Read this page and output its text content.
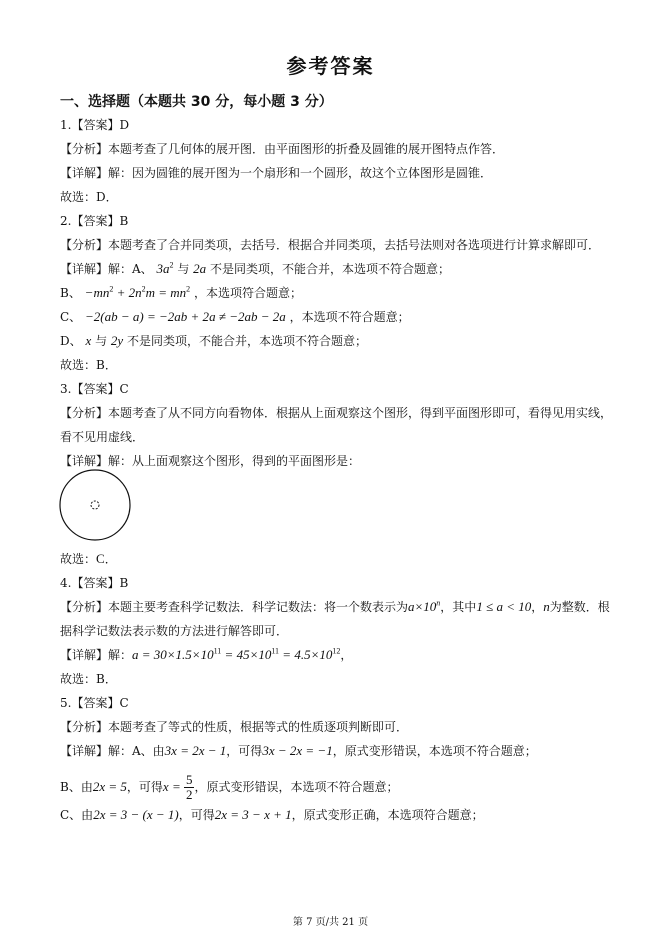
参考答案
一、选择题（本题共 30 分，每小题 3 分）
1.【答案】D
【分析】本题考查了几何体的展开图．由平面图形的折叠及圆锥的展开图特点作答．
【详解】解：因为圆锥的展开图为一个扇形和一个圆形，故这个立体图形是圆锥．
故选：D．
2.【答案】B
【分析】本题考查了合并同类项，去括号．根据合并同类项，去括号法则对各选项进行计算求解即可．
【详解】解：A、 $3a^2$ 与 2a 不是同类项，不能合并，本选项不符合题意；
B、 $-mn^2 + 2n^2m = mn^2$ ，本选项符合题意；
C、 −2(ab − a) = −2ab + 2a ≠ −2ab − 2a ，本选项不符合题意；
D、 x 与 2y 不是同类项，不能合并，本选项不符合题意；
故选：B．
3.【答案】C
【分析】本题考查了从不同方向看物体．根据从上面观察这个图形，得到平面图形即可，看得见用实线，
看不见用虚线．
【详解】解：从上面观察这个图形，得到的平面图形是：
故选：C．
4.【答案】B
【分析】本题主要考查科学记数法．科学记数法：将一个数表示为$a\times 10^n$，其中1 ≤ a < 10，n为整数．根
据科学记数法表示数的方法进行解答即可．
【详解】解：$a = 30\times 1.5\times 10^{11} = 45\times 10^{11} = 4.5\times 10^{12}$，
故选：B．
5.【答案】C
【分析】本题考查了等式的性质，根据等式的性质逐项判断即可．
【详解】解：A、由3x = 2x − 1，可得3x − 2x = −1，原式变形错误，本选项不符合题意；
B、由2x = 5，可得$x = \frac{5}{2}$ ，原式变形错误，本选项不符合题意；
C、由2x = 3 − (x − 1)，可得2x = 3 − x + 1，原式变形正确，本选项符合题意；
第 7 页/共 21 页
